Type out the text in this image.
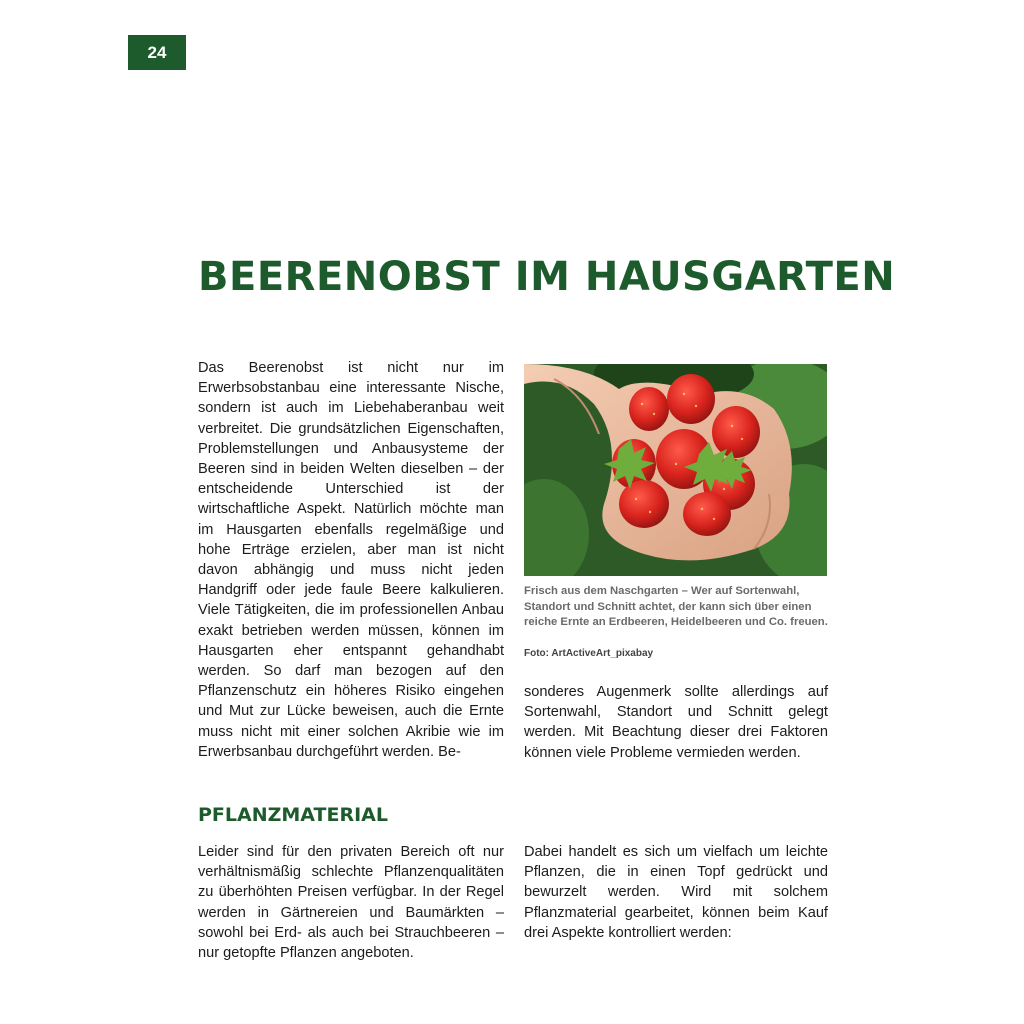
24
BEERENOBST IM HAUSGARTEN

Das Beerenobst ist nicht nur im Erwerbsobstanbau eine interessante Nische, sondern ist auch im Liebehaberanbau weit verbreitet. Die grundsätzlichen Eigenschaften, Problemstellungen und Anbausysteme der Beeren sind in beiden Welten dieselben – der entscheidende Unterschied ist der wirtschaftliche Aspekt. Natürlich möchte man im Hausgarten ebenfalls regelmäßige und hohe Erträge erzielen, aber man ist nicht davon abhängig und muss nicht jeden Handgriff oder jede faule Beere kalkulieren. Viele Tätigkeiten, die im professionellen Anbau exakt betrieben werden müssen, können im Hausgarten eher entspannt gehandhabt werden. So darf man bezogen auf den Pflanzenschutz ein höheres Risiko eingehen und Mut zur Lücke beweisen, auch die Ernte muss nicht mit einer solchen Akribie wie im Erwerbsanbau durchgeführt werden. Be-

Frisch aus dem Naschgarten – Wer auf Sortenwahl, Standort und Schnitt achtet, der kann sich über einen reiche Ernte an Erdbeeren, Heidelbeeren und Co. freuen.

Foto: ArtActiveArt_pixabay

sonderes Augenmerk sollte allerdings auf Sortenwahl, Standort und Schnitt gelegt werden. Mit Beachtung dieser drei Faktoren können viele Probleme vermieden werden.

PFLANZMATERIAL

Leider sind für den privaten Bereich oft nur verhältnismäßig schlechte Pflanzenqualitäten zu überhöhten Preisen verfügbar. In der Regel werden in Gärtnereien und Baumärkten – sowohl bei Erd- als auch bei Strauchbeeren – nur getopfte Pflanzen angeboten.

Dabei handelt es sich um vielfach um leichte Pflanzen, die in einen Topf gedrückt und bewurzelt werden. Wird mit solchem Pflanzmaterial gearbeitet, können beim Kauf drei Aspekte kontrolliert werden:
